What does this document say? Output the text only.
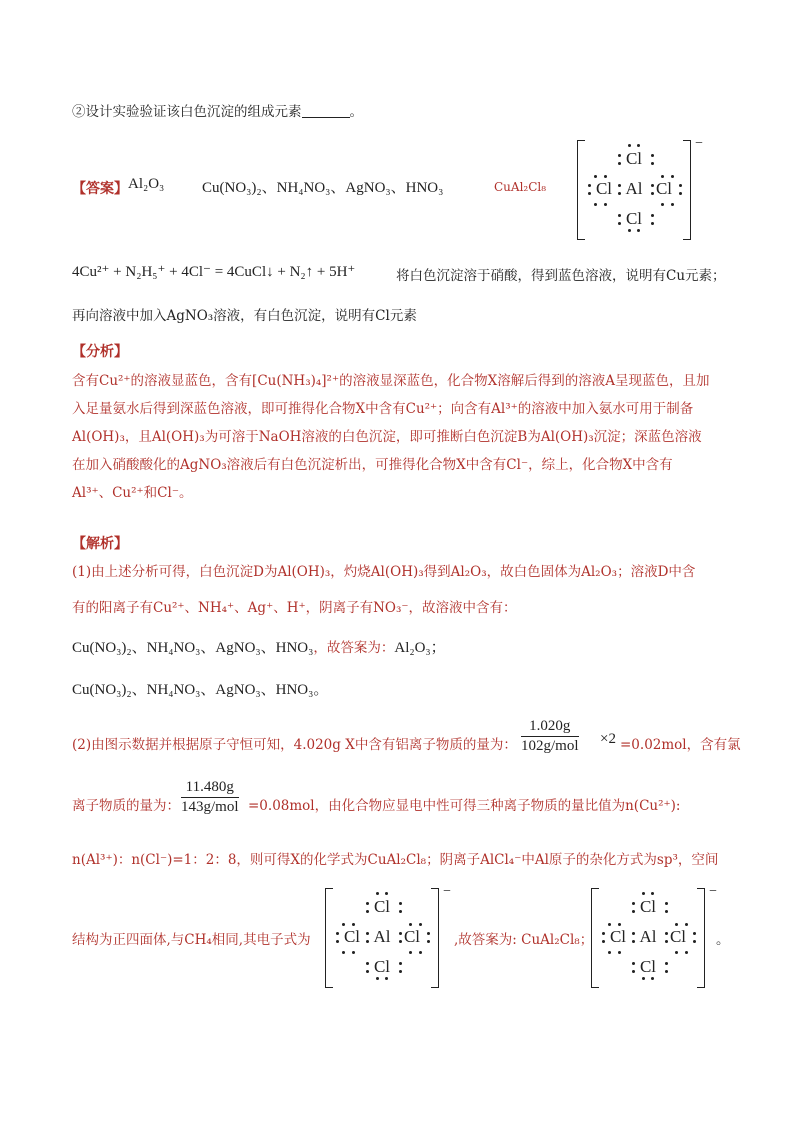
②设计实验验证该白色沉淀的组成元素	。
【答案】 Al₂O₃	Cu(NO₃)₂、NH₄NO₃、AgNO₃、HNO₃	CuAl₂Cl₈
−
Cl
Cl Al Cl
Cl
4Cu²⁺ + N₂H₅⁺ + 4Cl⁻ = 4CuCl↓ + N₂↑ + 5H⁺	将白色沉淀溶于硝酸，得到蓝色溶液，说明有Cu元素；
再向溶液中加入AgNO₃溶液，有白色沉淀，说明有Cl元素
【分析】
含有Cu²⁺的溶液显蓝色，含有[Cu(NH₃)₄]²⁺的溶液显深蓝色，化合物X溶解后得到的溶液A呈现蓝色，且加
入足量氨水后得到深蓝色溶液，即可推得化合物X中含有Cu²⁺；向含有Al³⁺的溶液中加入氨水可用于制备
Al(OH)₃，且Al(OH)₃为可溶于NaOH溶液的白色沉淀，即可推断白色沉淀B为Al(OH)₃沉淀；深蓝色溶液
在加入硝酸酸化的AgNO₃溶液后有白色沉淀析出，可推得化合物X中含有Cl⁻，综上，化合物X中含有
Al³⁺、Cu²⁺和Cl⁻。
【解析】
(1)由上述分析可得，白色沉淀D为Al(OH)₃，灼烧Al(OH)₃得到Al₂O₃，故白色固体为Al₂O₃；溶液D中含
有的阳离子有Cu²⁺、NH₄⁺、Ag⁺、H⁺，阴离子有NO₃⁻，故溶液中含有：
Cu(NO₃)₂、NH₄NO₃、AgNO₃、HNO₃，故答案为：Al₂O₃；
Cu(NO₃)₂、NH₄NO₃、AgNO₃、HNO₃。
(2)由图示数据并根据原子守恒可知，4.020g X中含有铝离子物质的量为：
1.020g
102g/mol ×2 =0.02mol，含有氯
离子物质的量为：
11.480g
143g/mol =0.08mol，由化合物应显电中性可得三种离子物质的量比值为n(Cu²⁺):
n(Al³⁺)：n(Cl⁻)=1：2：8，则可得X的化学式为CuAl₂Cl₈；阴离子AlCl₄⁻中Al原子的杂化方式为sp³，空间
结构为正四面体,与CH₄相同,其电子式为
−
Cl
Cl Al Cl
Cl
,故答案为: CuAl₂Cl₈；
−
Cl
Cl Al Cl
Cl
。
